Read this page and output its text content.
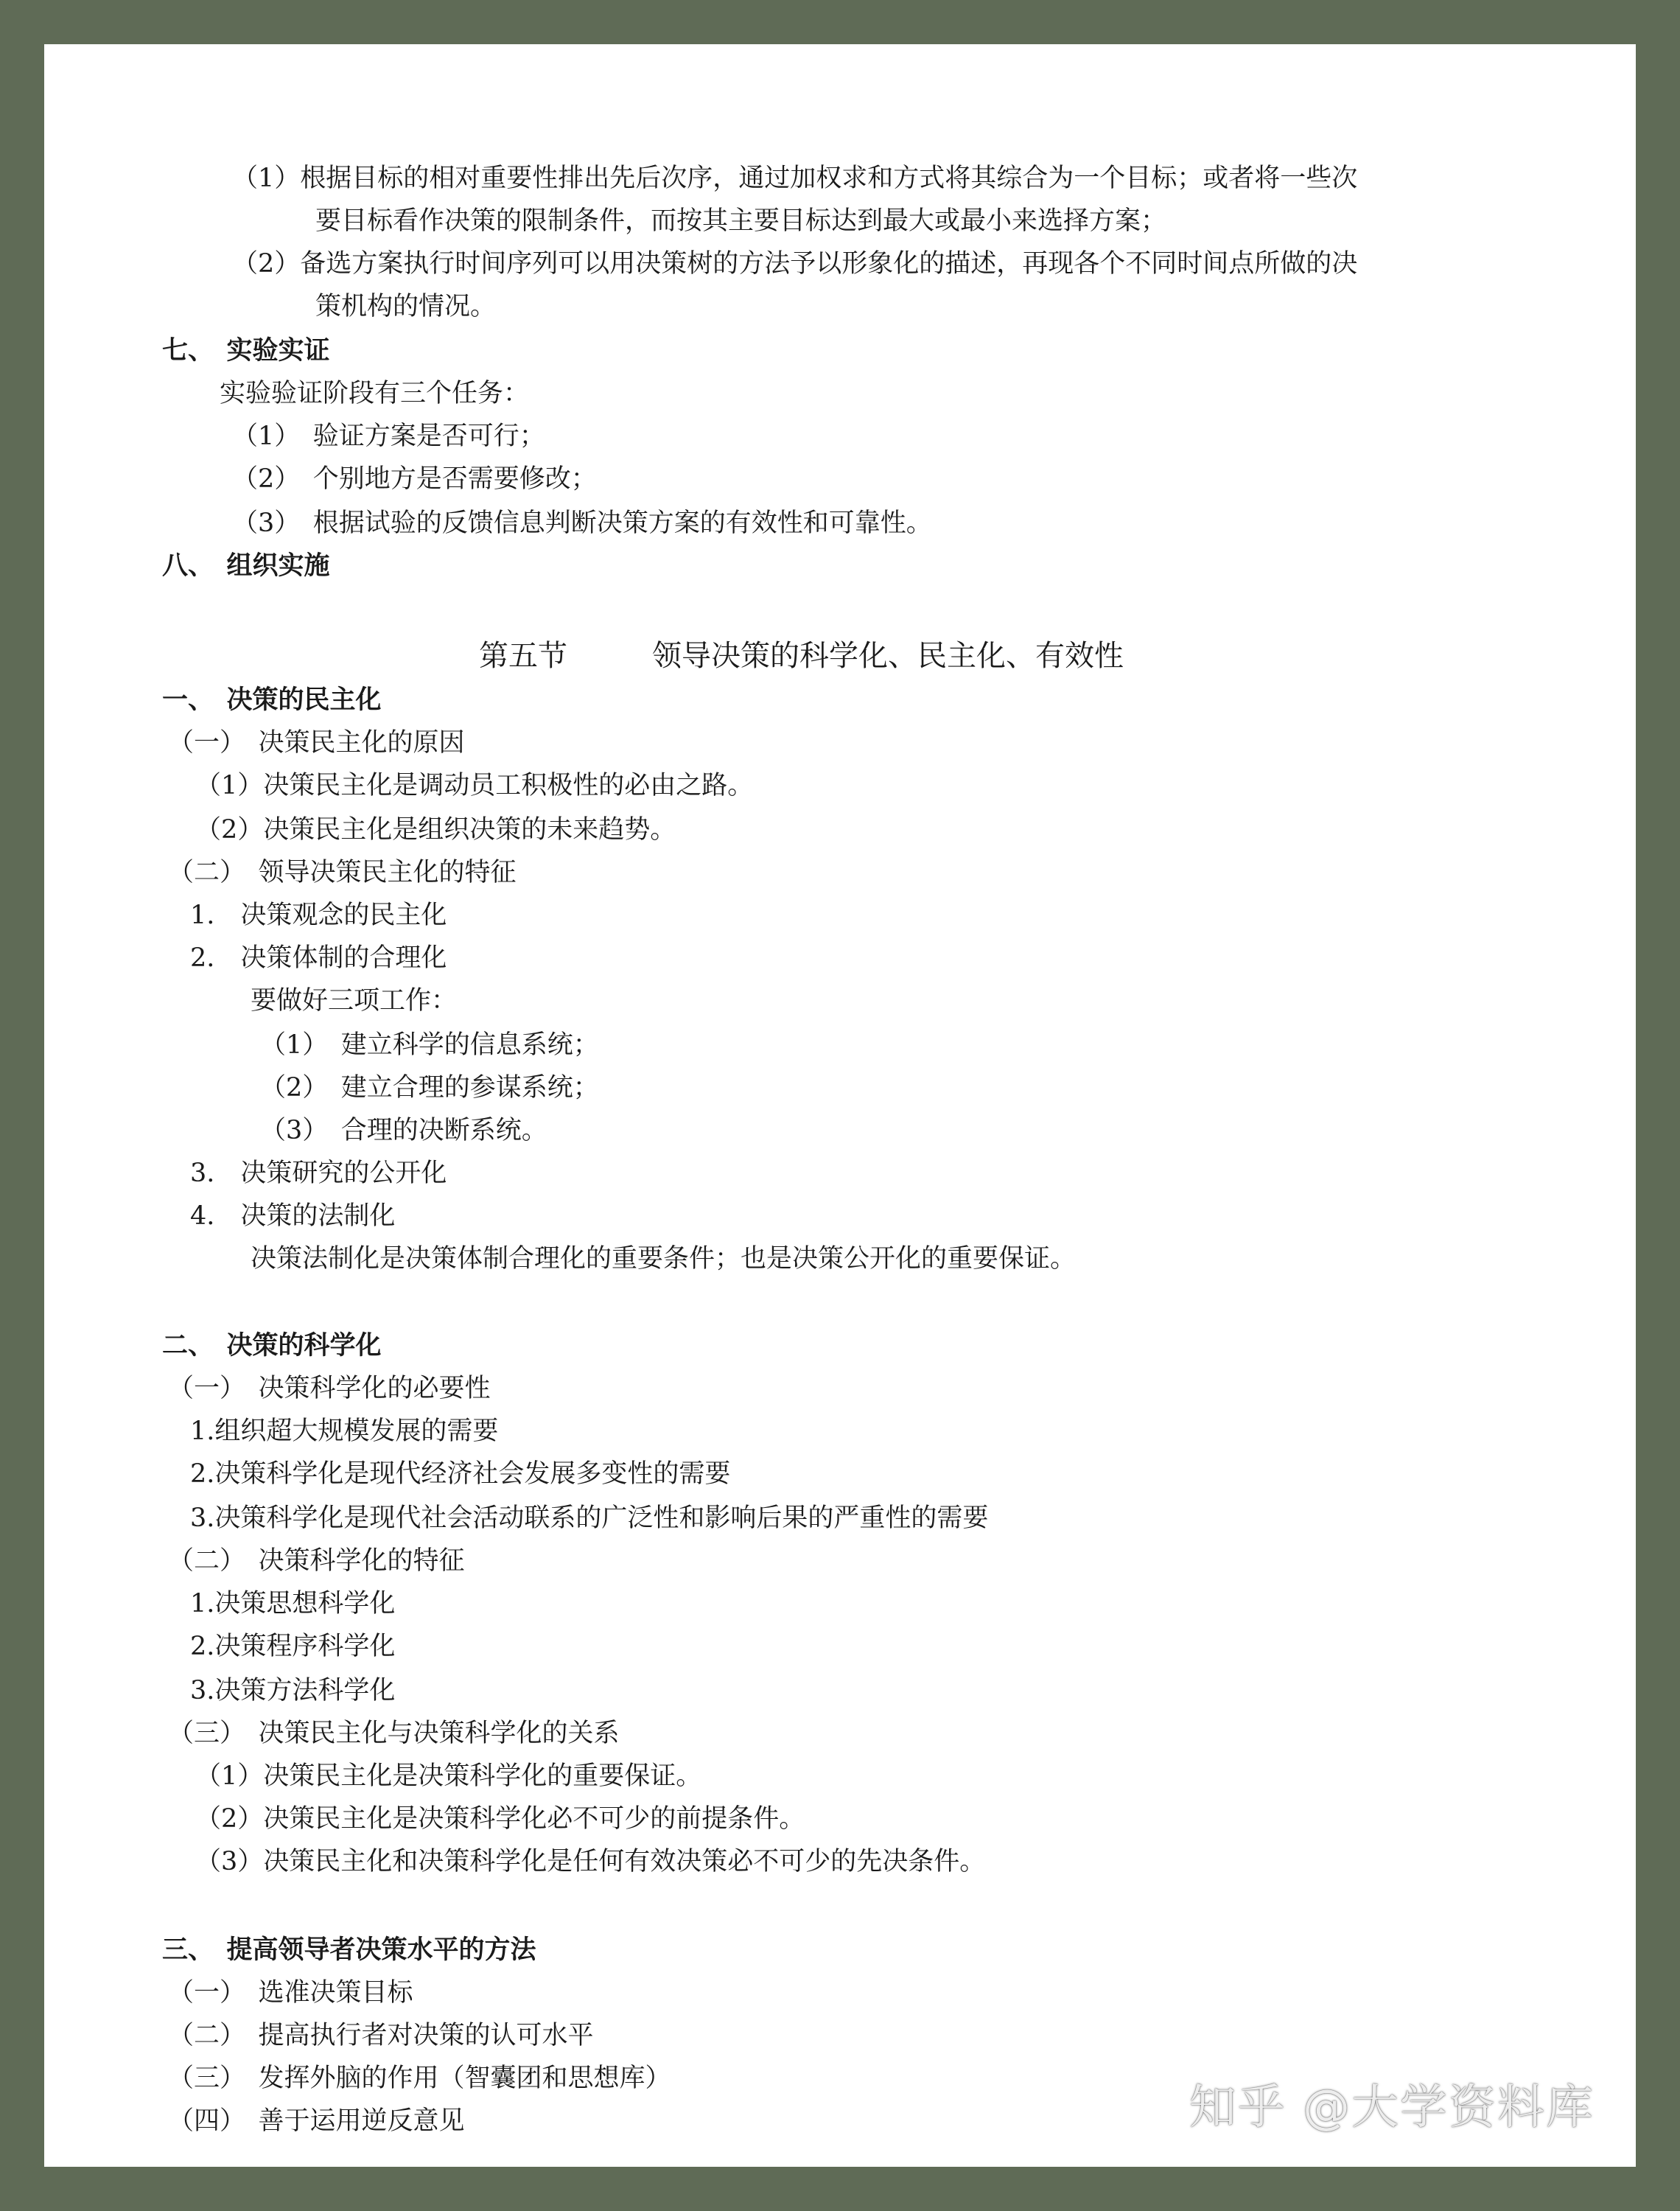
（1）根据目标的相对重要性排出先后次序，通过加权求和方式将其综合为一个目标；或者将一些次
要目标看作决策的限制条件，而按其主要目标达到最大或最小来选择方案；
（2）备选方案执行时间序列可以用决策树的方法予以形象化的描述，再现各个不同时间点所做的决
策机构的情况。
七、　实验实证
实验验证阶段有三个任务：
（1）　验证方案是否可行；
（2）　个别地方是否需要修改；
（3）　根据试验的反馈信息判断决策方案的有效性和可靠性。
八、　组织实施
第五节	领导决策的科学化、民主化、有效性
一、　决策的民主化
（一）　决策民主化的原因
（1）决策民主化是调动员工积极性的必由之路。
（2）决策民主化是组织决策的未来趋势。
（二）　领导决策民主化的特征
1.　决策观念的民主化
2.　决策体制的合理化
要做好三项工作：
（1）　建立科学的信息系统；
（2）　建立合理的参谋系统；
（3）　合理的决断系统。
3.　决策研究的公开化
4.　决策的法制化
决策法制化是决策体制合理化的重要条件；也是决策公开化的重要保证。
二、　决策的科学化
（一）　决策科学化的必要性
1.组织超大规模发展的需要
2.决策科学化是现代经济社会发展多变性的需要
3.决策科学化是现代社会活动联系的广泛性和影响后果的严重性的需要
（二）　决策科学化的特征
1.决策思想科学化
2.决策程序科学化
3.决策方法科学化
（三）　决策民主化与决策科学化的关系
（1）决策民主化是决策科学化的重要保证。
（2）决策民主化是决策科学化必不可少的前提条件。
（3）决策民主化和决策科学化是任何有效决策必不可少的先决条件。
三、　提高领导者决策水平的方法
（一）　选准决策目标
（二）　提高执行者对决策的认可水平
（三）　发挥外脑的作用（智囊团和思想库）
（四）　善于运用逆反意见	知乎 @大学资料库
